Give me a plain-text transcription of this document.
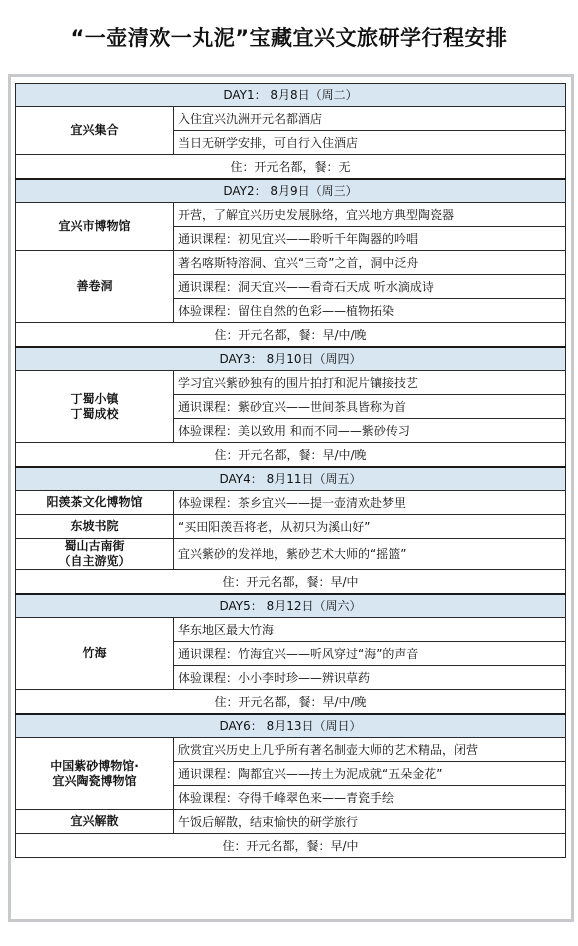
“一壶清欢一丸泥”宝藏宜兴文旅研学行程安排
DAY1： 8月8日（周二）	
宜兴集合	入住宜兴氿洲开元名都酒店
	当日无研学安排，可自行入住酒店
住：开元名都，餐：无	
DAY2： 8月9日（周三）	
宜兴市博物馆	开营，了解宜兴历史发展脉络，宜兴地方典型陶瓷器
	通识课程：初见宜兴——聆听千年陶器的吟唱
善卷洞	著名喀斯特溶洞、宜兴“三奇”之首，洞中泛舟
	通识课程：洞天宜兴——看奇石天成 听水滴成诗
	体验课程：留住自然的色彩——植物拓染
住：开元名都，餐：早/中/晚	
DAY3： 8月10日（周四）	
丁蜀小镇
丁蜀成校	学习宜兴紫砂独有的围片拍打和泥片镶接技艺
	通识课程：紫砂宜兴——世间茶具皆称为首
	体验课程：美以致用 和而不同——紫砂传习
住：开元名都，餐：早/中/晚	
DAY4： 8月11日（周五）	
阳羡茶文化博物馆	体验课程：茶乡宜兴——提一壶清欢赴梦里
东坡书院	“买田阳羡吾将老，从初只为溪山好”
蜀山古南街
（自主游览）	宜兴紫砂的发祥地，紫砂艺术大师的“摇篮”
住：开元名都，餐：早/中	
DAY5： 8月12日（周六）	
竹海	华东地区最大竹海
	通识课程：竹海宜兴——听风穿过“海”的声音
	体验课程：小小李时珍——辨识草药
住：开元名都，餐：早/中/晚	
DAY6： 8月13日（周日）	
中国紫砂博物馆·
宜兴陶瓷博物馆	欣赏宜兴历史上几乎所有著名制壶大师的艺术精品，闭营
	通识课程：陶都宜兴——抟土为泥成就“五朵金花”
	体验课程：夺得千峰翠色来——青瓷手绘
宜兴解散	午饭后解散，结束愉快的研学旅行
住：开元名都，餐：早/中	
